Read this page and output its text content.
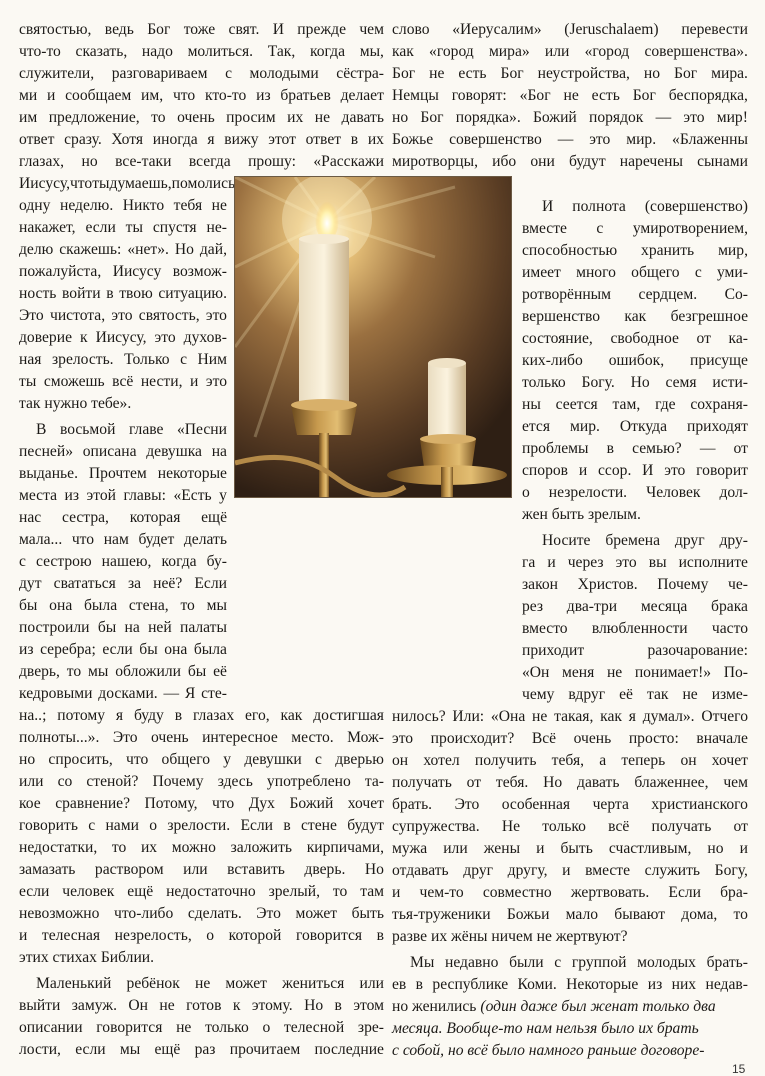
святостью, ведь Бог тоже свят. И прежде чем
что-то сказать, надо молиться. Так, когда мы,
служители, разговариваем с молодыми сёстра-
ми и сообщаем им, что кто-то из братьев делает
им предложение, то очень просим их не давать
ответ сразу. Хотя иногда я вижу этот ответ в их
глазах, но все-таки всегда прошу: «Расскажи
Иисусу, что ты думаешь, помолись
одну неделю. Никто тебя не
накажет, если ты спустя не-
делю скажешь: «нет». Но дай,
пожалуйста, Иисусу возмож-
ность войти в твою ситуацию.
Это чистота, это святость, это
доверие к Иисусу, это духов-
ная зрелость. Только с Ним
ты сможешь всё нести, и это
так нужно тебе».
В восьмой главе «Песни
песней» описана девушка на
выданье. Прочтем некоторые
места из этой главы: «Есть у
нас сестра, которая ещё
мала... что нам будет делать
с сестрою нашею, когда бу-
дут свататься за неё? Если
бы она была стена, то мы
построили бы на ней палаты
из серебра; если бы она была
дверь, то мы обложили бы её
кедровыми досками. — Я сте-
на..; потому я буду в глазах его, как достигшая
полноты...». Это очень интересное место. Мож-
но спросить, что общего у девушки с дверью
или со стеной? Почему здесь употреблено та-
кое сравнение? Потому, что Дух Божий хочет
говорить с нами о зрелости. Если в стене будут
недостатки, то их можно заложить кирпичами,
замазать раствором или вставить дверь. Но
если человек ещё недостаточно зрелый, то там
невозможно что-либо сделать. Это может быть
и телесная незрелость, о которой говорится в
этих стихах Библии.
Маленький ребёнок не может жениться или
выйти замуж. Он не готов к этому. Но в этом
описании говорится не только о телесной зре-
лости, если мы ещё раз прочитаем последние
слово «Иерусалим» (Jeruschalaem) перевести
как «город мира» или «город совершенства».
Бог не есть Бог неустройства, но Бог мира.
Немцы говорят: «Бог не есть Бог беспорядка,
но Бог порядка». Божий порядок — это мир!
Божье совершенство — это мир. «Блаженны
миротворцы, ибо они будут наречены сынами
И полнота (совершенство)
вместе с умиротворением,
способностью хранить мир,
имеет много общего с уми-
ротворённым сердцем. Со-
вершенство как безгрешное
состояние, свободное от ка-
ких-либо ошибок, присуще
только Богу. Но семя исти-
ны сеется там, где сохраня-
ется мир. Откуда приходят
проблемы в семью? — от
споров и ссор. И это говорит
о незрелости. Человек дол-
жен быть зрелым.
Носите бремена друг дру-
га и через это вы исполните
закон Христов. Почему че-
рез два-три месяца брака
вместо влюбленности часто
приходит	разочарование:
«Он меня не понимает!» По-
чему вдруг её так не изме-
нилось? Или: «Она не такая, как я думал». Отчего
это происходит? Всё очень просто: вначале
он хотел получить тебя, а теперь он хочет
получать от тебя. Но давать блаженнее, чем
брать. Это особенная черта христианского
супружества. Не только всё получать от
мужа или жены и быть счастливым, но и
отдавать друг другу, и вместе служить Богу,
и чем-то совместно жертвовать. Если бра-
тья-труженики Божьи мало бывают дома, то
разве их жёны ничем не жертвуют?
Мы недавно были с группой молодых брать-
ев в республике Коми. Некоторые из них недав-
но женились (один даже был женат только два
месяца. Вообще-то нам нельзя было их брать
с собой, но всё было намного раньше договоре-
15
